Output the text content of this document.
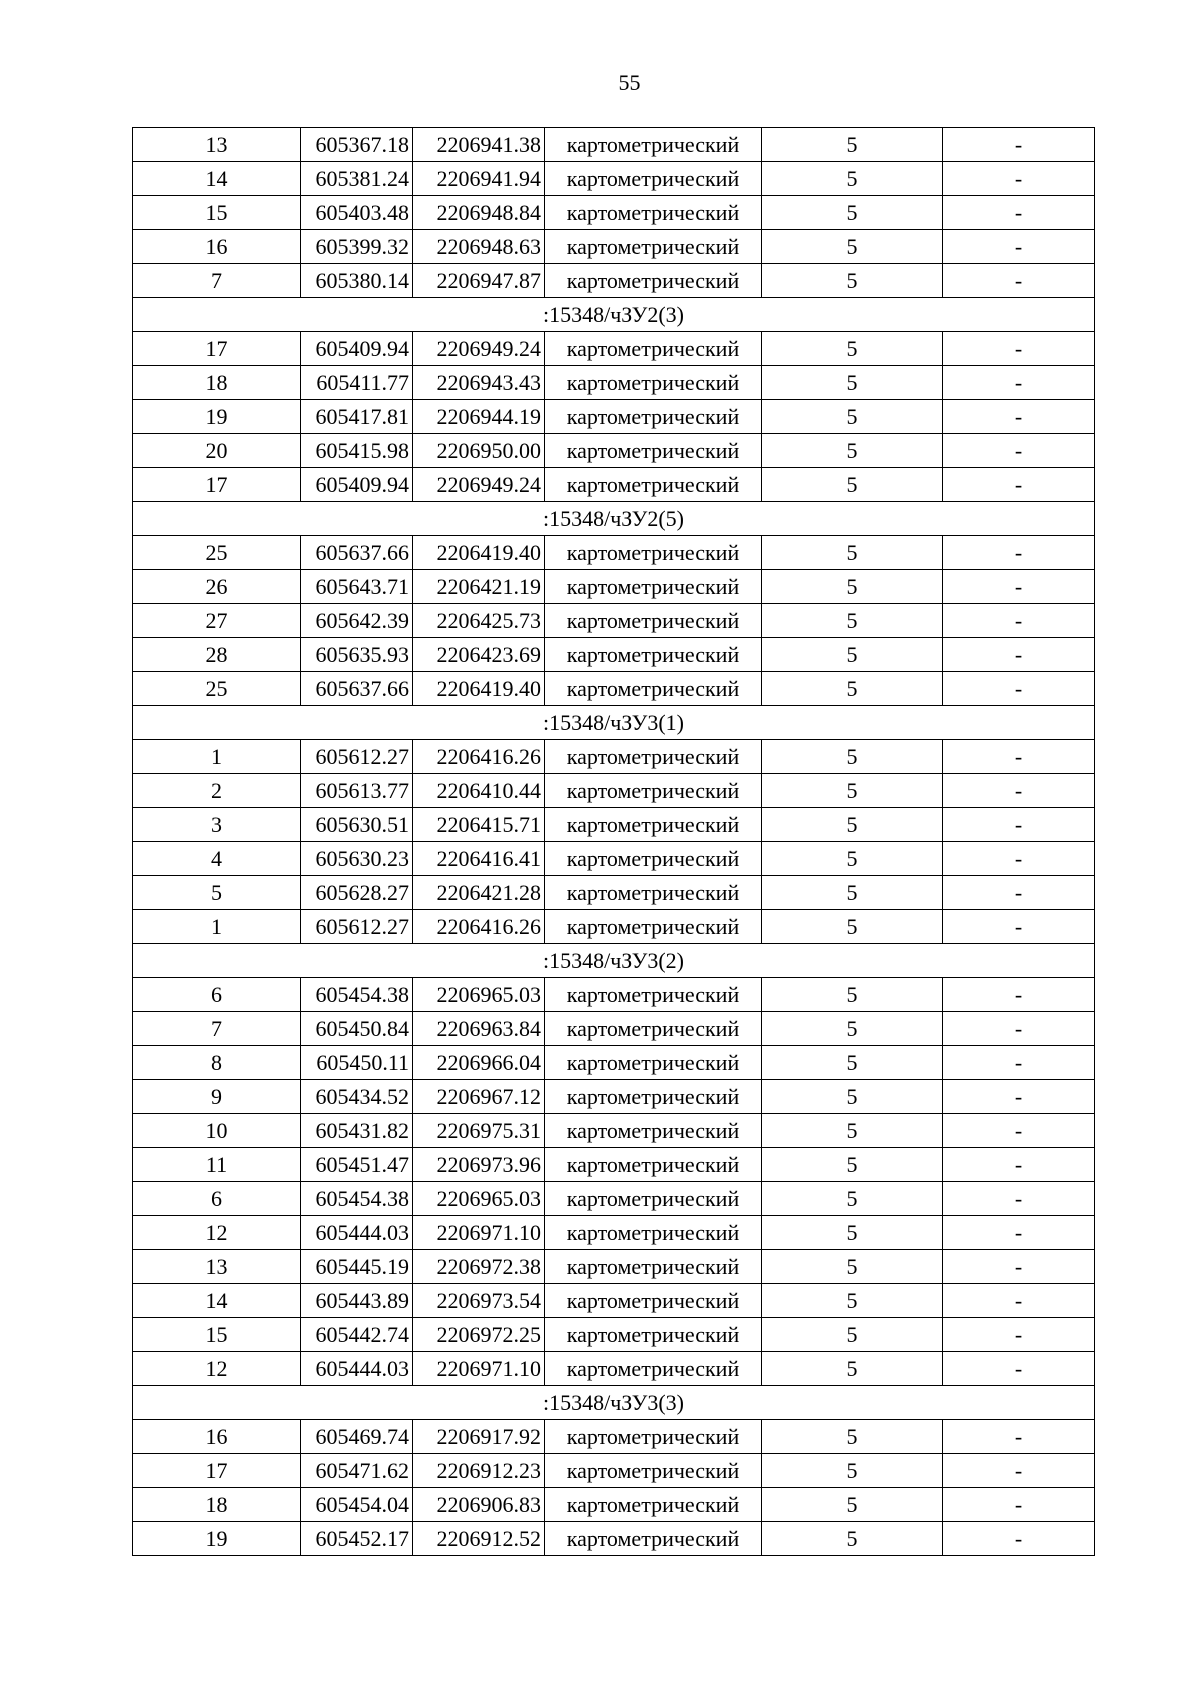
55
13	605367.18	2206941.38	картометрический	5	-
14	605381.24	2206941.94	картометрический	5	-
15	605403.48	2206948.84	картометрический	5	-
16	605399.32	2206948.63	картометрический	5	-
7	605380.14	2206947.87	картометрический	5	-
:15348/чЗУ2(3)					
17	605409.94	2206949.24	картометрический	5	-
18	605411.77	2206943.43	картометрический	5	-
19	605417.81	2206944.19	картометрический	5	-
20	605415.98	2206950.00	картометрический	5	-
17	605409.94	2206949.24	картометрический	5	-
:15348/чЗУ2(5)					
25	605637.66	2206419.40	картометрический	5	-
26	605643.71	2206421.19	картометрический	5	-
27	605642.39	2206425.73	картометрический	5	-
28	605635.93	2206423.69	картометрический	5	-
25	605637.66	2206419.40	картометрический	5	-
:15348/чЗУ3(1)					
1	605612.27	2206416.26	картометрический	5	-
2	605613.77	2206410.44	картометрический	5	-
3	605630.51	2206415.71	картометрический	5	-
4	605630.23	2206416.41	картометрический	5	-
5	605628.27	2206421.28	картометрический	5	-
1	605612.27	2206416.26	картометрический	5	-
:15348/чЗУ3(2)					
6	605454.38	2206965.03	картометрический	5	-
7	605450.84	2206963.84	картометрический	5	-
8	605450.11	2206966.04	картометрический	5	-
9	605434.52	2206967.12	картометрический	5	-
10	605431.82	2206975.31	картометрический	5	-
11	605451.47	2206973.96	картометрический	5	-
6	605454.38	2206965.03	картометрический	5	-
12	605444.03	2206971.10	картометрический	5	-
13	605445.19	2206972.38	картометрический	5	-
14	605443.89	2206973.54	картометрический	5	-
15	605442.74	2206972.25	картометрический	5	-
12	605444.03	2206971.10	картометрический	5	-
:15348/чЗУ3(3)					
16	605469.74	2206917.92	картометрический	5	-
17	605471.62	2206912.23	картометрический	5	-
18	605454.04	2206906.83	картометрический	5	-
19	605452.17	2206912.52	картометрический	5	-
